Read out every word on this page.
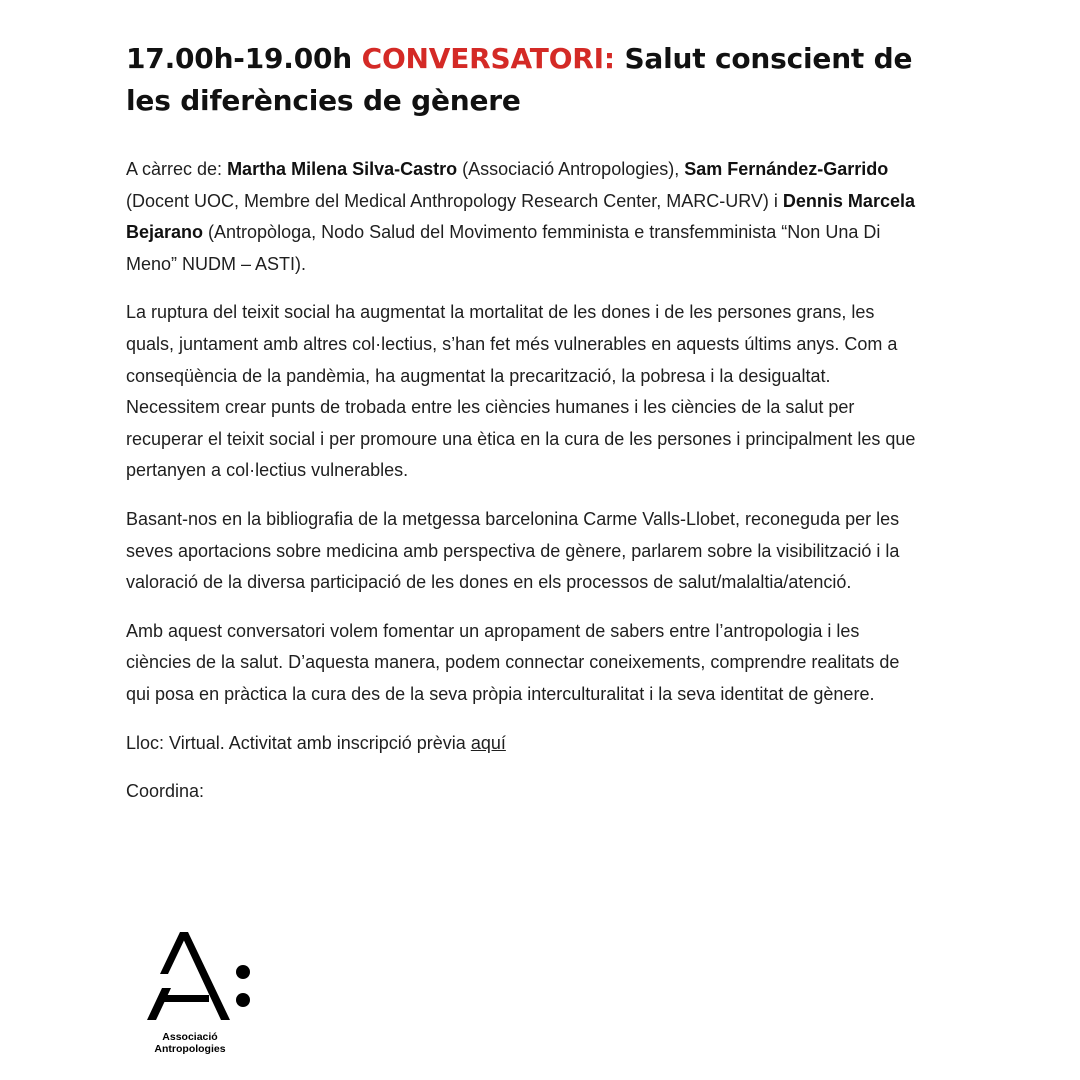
17.00h-19.00h CONVERSATORI: Salut conscient de les diferències de gènere

A càrrec de: Martha Milena Silva-Castro (Associació Antropologies), Sam Fernández-Garrido (Docent UOC, Membre del Medical Anthropology Research Center, MARC-URV) i Dennis Marcela Bejarano (Antropòloga, Nodo Salud del Movimento femminista e transfemminista “Non Una Di Meno” NUDM – ASTI).

La ruptura del teixit social ha augmentat la mortalitat de les dones i de les persones grans, les quals, juntament amb altres col·lectius, s’han fet més vulnerables en aquests últims anys. Com a conseqüència de la pandèmia, ha augmentat la precarització, la pobresa i la desigualtat. Necessitem crear punts de trobada entre les ciències humanes i les ciències de la salut per recuperar el teixit social i per promoure una ètica en la cura de les persones i principalment les que pertanyen a col·lectius vulnerables.

Basant-nos en la bibliografia de la metgessa barcelonina Carme Valls-Llobet, reconeguda per les seves aportacions sobre medicina amb perspectiva de gènere, parlarem sobre la visibilització i la valoració de la diversa participació de les dones en els processos de salut/malaltia/atenció.

Amb aquest conversatori volem fomentar un apropament de sabers entre l’antropologia i les ciències de la salut. D’aquesta manera, podem connectar coneixements, comprendre realitats de qui posa en pràctica la cura des de la seva pròpia interculturalitat i la seva identitat de gènere.

Lloc: Virtual. Activitat amb inscripció prèvia aquí

Coordina:

Associació
Antropologies
